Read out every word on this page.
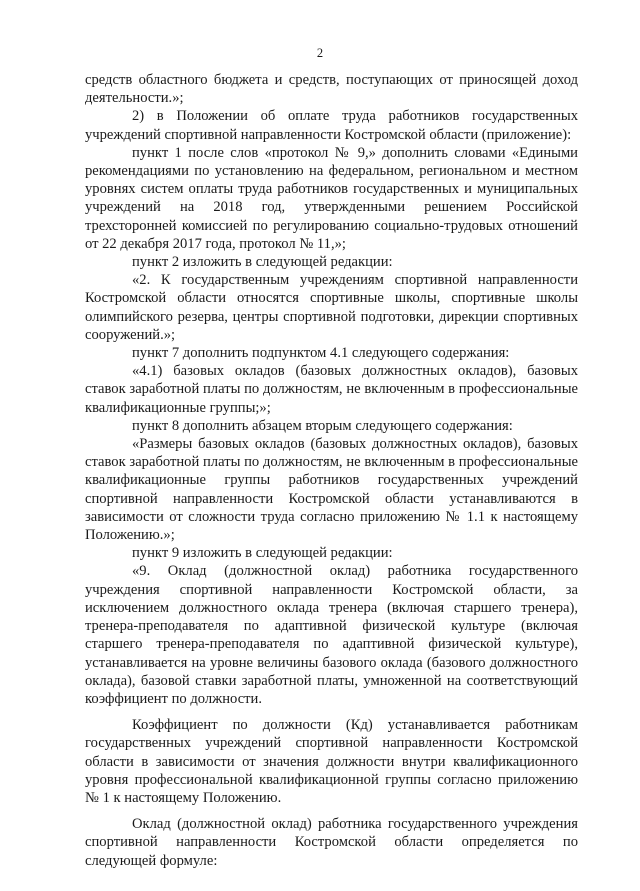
2

средств областного бюджета и средств, поступающих от приносящей доход деятельности.»;

2) в Положении об оплате труда работников государственных учреждений спортивной направленности Костромской области (приложение):

пункт 1 после слов «протокол № 9,» дополнить словами «Едиными рекомендациями по установлению на федеральном, региональном и местном уровнях систем оплаты труда работников государственных и муниципальных учреждений на 2018 год, утвержденными решением Российской трехсторонней комиссией по регулированию социально-трудовых отношений от 22 декабря 2017 года, протокол № 11,»;

пункт 2 изложить в следующей редакции:

«2. К государственным учреждениям спортивной направленности Костромской области относятся спортивные школы, спортивные школы олимпийского резерва, центры спортивной подготовки, дирекции спортивных сооружений.»;

пункт 7 дополнить подпунктом 4.1 следующего содержания:

«4.1) базовых окладов (базовых должностных окладов), базовых ставок заработной платы по должностям, не включенным в профессиональные квалификационные группы;»;

пункт 8 дополнить абзацем вторым следующего содержания:

«Размеры базовых окладов (базовых должностных окладов), базовых ставок заработной платы по должностям, не включенным в профессиональные квалификационные группы работников государственных учреждений спортивной направленности Костромской области устанавливаются в зависимости от сложности труда согласно приложению № 1.1 к настоящему Положению.»;

пункт 9 изложить в следующей редакции:

«9. Оклад (должностной оклад) работника государственного учреждения спортивной направленности Костромской области, за исключением должностного оклада тренера (включая старшего тренера), тренера-преподавателя по адаптивной физической культуре (включая старшего тренера-преподавателя по адаптивной физической культуре), устанавливается на уровне величины базового оклада (базового должностного оклада), базовой ставки заработной платы, умноженной на соответствующий коэффициент по должности.

Коэффициент по должности (Кд) устанавливается работникам государственных учреждений спортивной направленности Костромской области в зависимости от значения должности внутри квалификационного уровня профессиональной квалификационной группы согласно приложению № 1 к настоящему Положению.

Оклад (должностной оклад) работника государственного учреждения спортивной направленности Костромской области определяется по следующей формуле:
